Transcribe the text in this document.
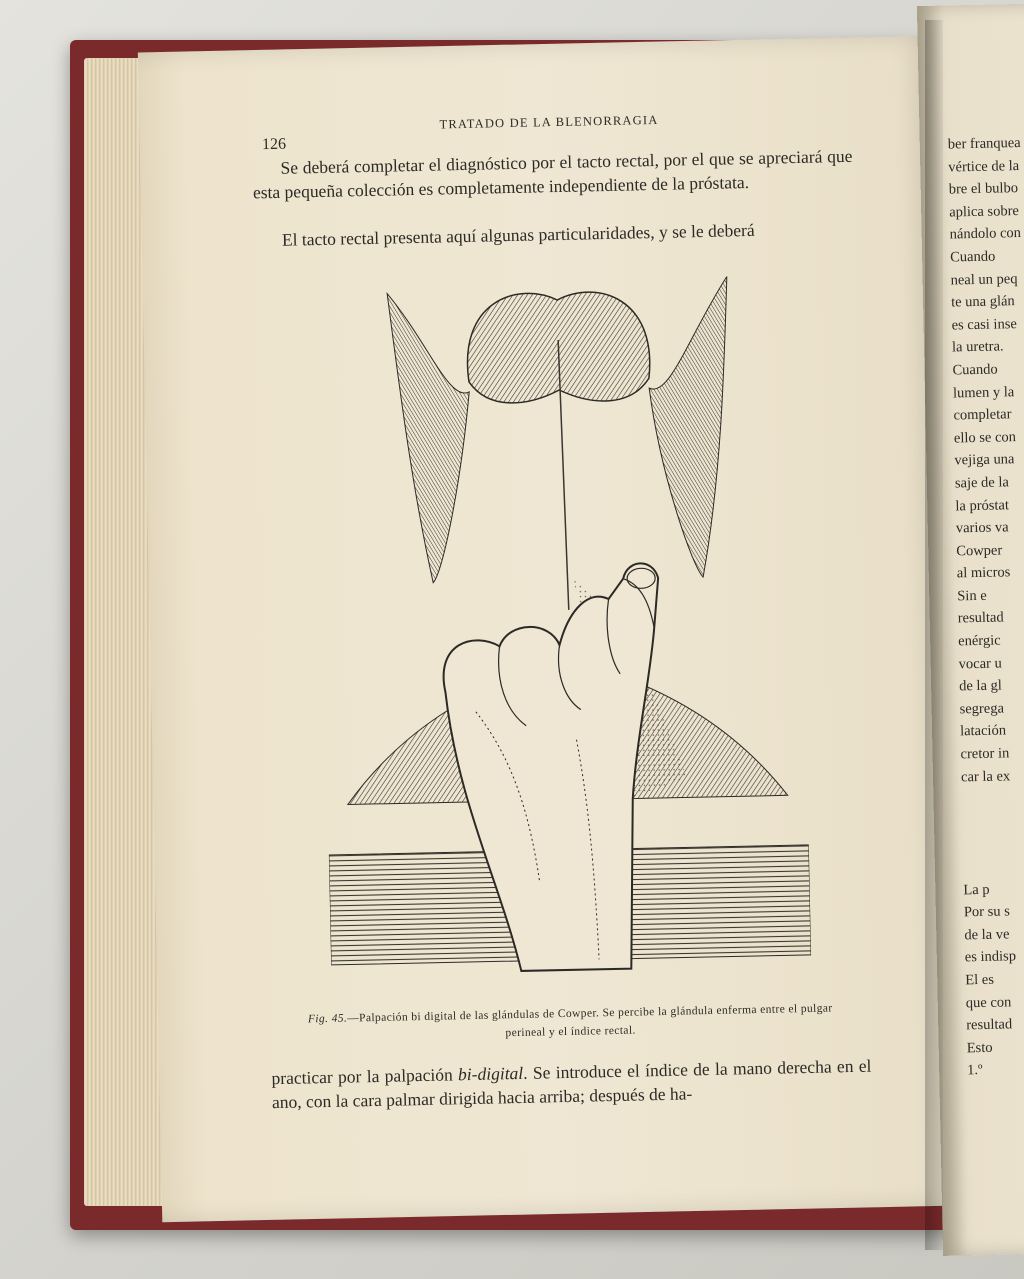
ber franquea
vértice de la
bre el bulbo
aplica sobre
nándolo con
Cuando
neal un peq
te una glán
es casi inse
la uretra.
Cuando
lumen y la
completar
ello se con
vejiga una
saje de la
la próstat
varios va
Cowper
al micros
Sin e
resultad
enérgic
vocar u
de la gl
segrega
latación
cretor in
car la ex

La p
Por su s
de la ve
es indisp
El es
que con
resultad
Esto
1.º
126
TRATADO DE LA BLENORRAGIA

Se deberá completar el diagnóstico por el tacto rectal, por el que se apreciará que esta pequeña colección es completamente independiente de la próstata.

El tacto rectal presenta aquí algunas particularidades, y se le deberá

Fig. 45.—Palpación bi digital de las glándulas de Cowper. Se percibe la glándula enferma entre el pulgar perineal y el índice rectal.

practicar por la palpación bi-digital. Se introduce el índice de la mano derecha en el ano, con la cara palmar dirigida hacia arriba; después de ha-
